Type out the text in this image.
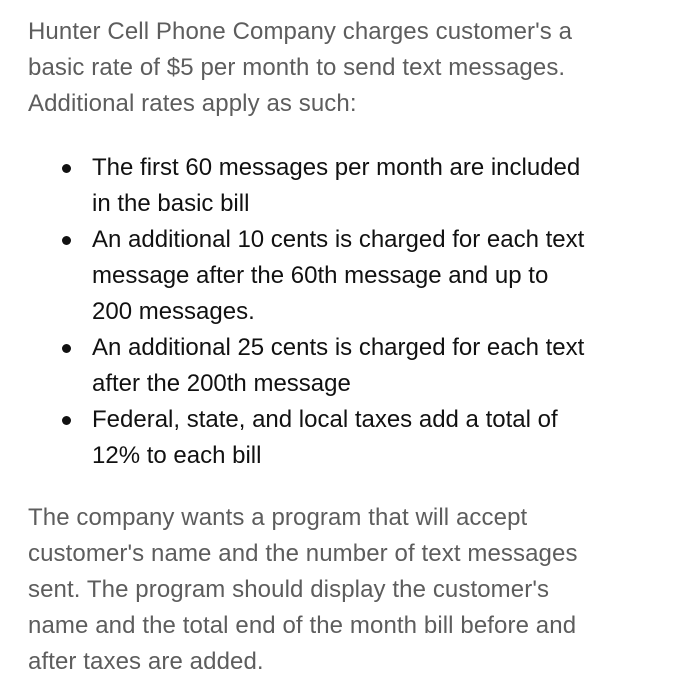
Hunter Cell Phone Company charges customer's a
basic rate of $5 per month to send text messages.
Additional rates apply as such:

The first 60 messages per month are included
in the basic bill
An additional 10 cents is charged for each text
message after the 60th message and up to
200 messages.
An additional 25 cents is charged for each text
after the 200th message
Federal, state, and local taxes add a total of
12% to each bill

The company wants a program that will accept
customer's name and the number of text messages
sent. The program should display the customer's
name and the total end of the month bill before and
after taxes are added.
